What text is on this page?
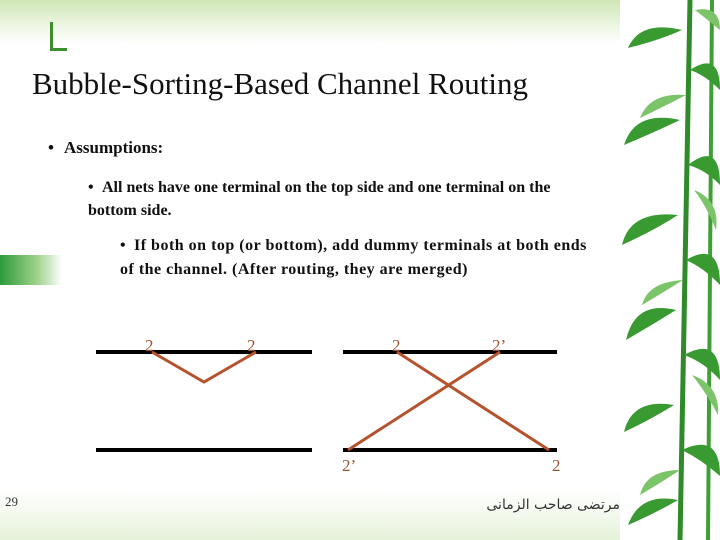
Bubble-Sorting-Based Channel Routing
• Assumptions:
• All nets have one terminal on the top side and one terminal on the bottom side.
• If both on top (or bottom), add dummy terminals at both ends of the channel. (After routing, they are merged)
2	2	2	2’
2’	2
29	مرتضى صاحب الزمانى
